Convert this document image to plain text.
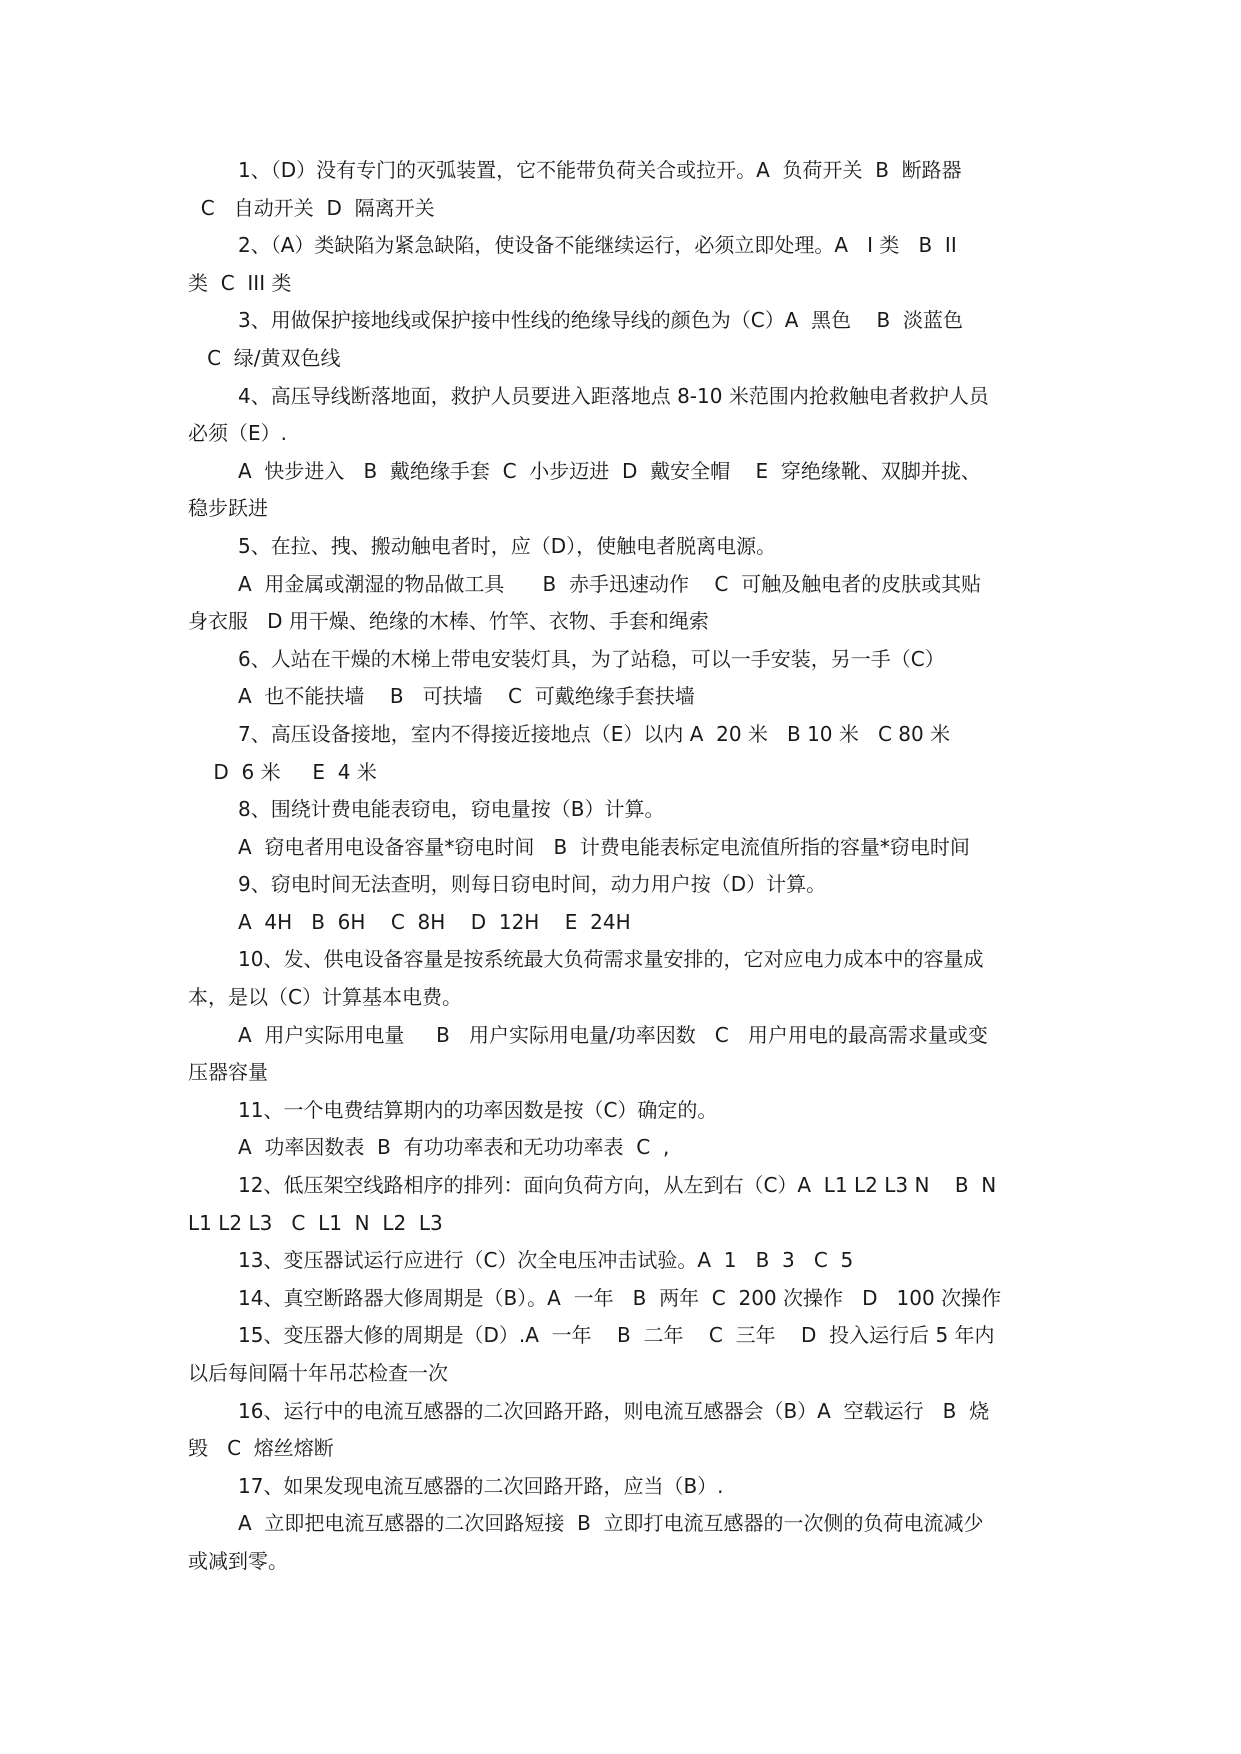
1、（D）没有专门的灭弧装置，它不能带负荷关合或拉开。A  负荷开关  B  断路器
C   自动开关  D  隔离开关
2、（A）类缺陷为紧急缺陷，使设备不能继续运行，必须立即处理。A   I 类   B  II
类  C  III 类
3、用做保护接地线或保护接中性线的绝缘导线的颜色为（C）A  黑色    B  淡蓝色
C  绿/黄双色线
4、高压导线断落地面，救护人员要进入距落地点 8-10 米范围内抢救触电者救护人员
必须（E）.
A  快步进入   B  戴绝缘手套  C  小步迈进  D  戴安全帽    E  穿绝缘靴、双脚并拢、
稳步跃进
5、在拉、拽、搬动触电者时，应（D），使触电者脱离电源。
A  用金属或潮湿的物品做工具      B  赤手迅速动作    C  可触及触电者的皮肤或其贴
身衣服   D 用干燥、绝缘的木棒、竹竿、衣物、手套和绳索
6、人站在干燥的木梯上带电安装灯具，为了站稳，可以一手安装，另一手（C）
A  也不能扶墙    B   可扶墙    C  可戴绝缘手套扶墙
7、高压设备接地，室内不得接近接地点（E）以内 A  20 米   B 10 米   C 80 米
D  6 米     E  4 米
8、围绕计费电能表窃电，窃电量按（B）计算。
A  窃电者用电设备容量*窃电时间   B  计费电能表标定电流值所指的容量*窃电时间
9、窃电时间无法查明，则每日窃电时间，动力用户按（D）计算。
A  4H   B  6H    C  8H    D  12H    E  24H
10、发、供电设备容量是按系统最大负荷需求量安排的，它对应电力成本中的容量成
本，是以（C）计算基本电费。
A  用户实际用电量     B   用户实际用电量/功率因数   C   用户用电的最高需求量或变
压器容量
11、一个电费结算期内的功率因数是按（C）确定的。
A  功率因数表  B  有功功率表和无功功率表  C  ,
12、低压架空线路相序的排列：面向负荷方向，从左到右（C）A  L1 L2 L3 N    B  N
L1 L2 L3   C  L1  N  L2  L3
13、变压器试运行应进行（C）次全电压冲击试验。A  1   B  3   C  5
14、真空断路器大修周期是（B）。A  一年   B  两年  C  200 次操作   D   100 次操作
15、变压器大修的周期是（D）.A  一年    B  二年    C  三年    D  投入运行后 5 年内
以后每间隔十年吊芯检查一次
16、运行中的电流互感器的二次回路开路，则电流互感器会（B）A  空载运行   B  烧
毁   C  熔丝熔断
17、如果发现电流互感器的二次回路开路，应当（B）.
A  立即把电流互感器的二次回路短接  B  立即打电流互感器的一次侧的负荷电流减少
或减到零。
